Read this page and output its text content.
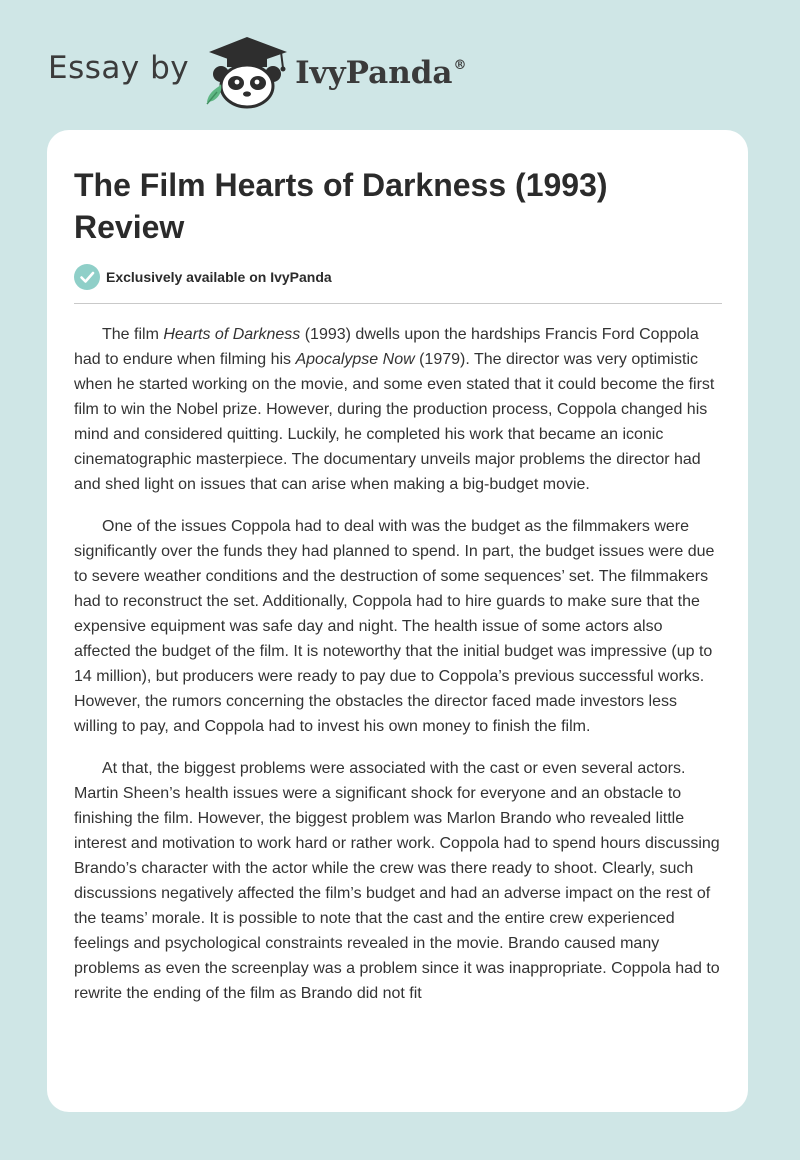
Essay by	IvyPanda®
The Film Hearts of Darkness (1993) Review
Exclusively available on IvyPanda

The film Hearts of Darkness (1993) dwells upon the hardships Francis Ford Coppola had to endure when filming his Apocalypse Now (1979). The director was very optimistic when he started working on the movie, and some even stated that it could become the first film to win the Nobel prize. However, during the production process, Coppola changed his mind and considered quitting. Luckily, he completed his work that became an iconic cinematographic masterpiece. The documentary unveils major problems the director had and shed light on issues that can arise when making a big-budget movie.

One of the issues Coppola had to deal with was the budget as the filmmakers were significantly over the funds they had planned to spend. In part, the budget issues were due to severe weather conditions and the destruction of some sequences’ set. The filmmakers had to reconstruct the set. Additionally, Coppola had to hire guards to make sure that the expensive equipment was safe day and night. The health issue of some actors also affected the budget of the film. It is noteworthy that the initial budget was impressive (up to 14 million), but producers were ready to pay due to Coppola’s previous successful works. However, the rumors concerning the obstacles the director faced made investors less willing to pay, and Coppola had to invest his own money to finish the film.

At that, the biggest problems were associated with the cast or even several actors. Martin Sheen’s health issues were a significant shock for everyone and an obstacle to finishing the film. However, the biggest problem was Marlon Brando who revealed little interest and motivation to work hard or rather work. Coppola had to spend hours discussing Brando’s character with the actor while the crew was there ready to shoot. Clearly, such discussions negatively affected the film’s budget and had an adverse impact on the rest of the teams’ morale. It is possible to note that the cast and the entire crew experienced feelings and psychological constraints revealed in the movie. Brando caused many problems as even the screenplay was a problem since it was inappropriate. Coppola had to rewrite the ending of the film as Brando did not fit
